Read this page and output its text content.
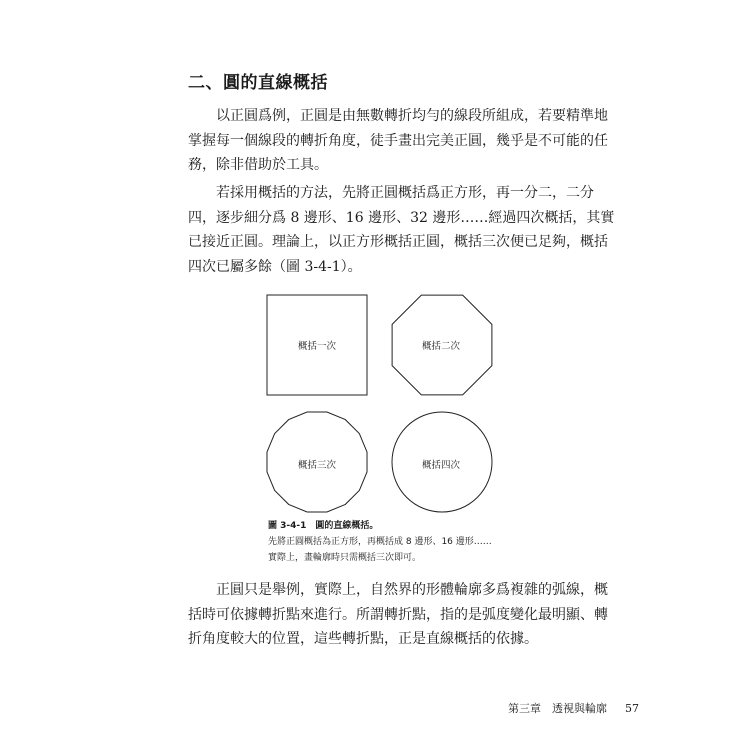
二、圓的直線概括

以正圓爲例，正圓是由無數轉折均勻的線段所組成，若要精準地
掌握每一個線段的轉折角度，徒手畫出完美正圓，幾乎是不可能的任
務，除非借助於工具。

若採用概括的方法，先將正圓概括爲正方形，再一分二，二分
四，逐步細分爲 8 邊形、16 邊形、32 邊形……經過四次概括，其實
已接近正圓。理論上，以正方形概括正圓，概括三次便已足夠，概括
四次已屬多餘（圖 3-4-1）。

概括一次	概括二次
概括三次	概括四次
圖 3-4-1　圓的直線概括。
先將正圓概括為正方形，再概括成 8 邊形、16 邊形……
實際上，畫輪廓時只需概括三次即可。

正圓只是舉例，實際上，自然界的形體輪廓多爲複雜的弧線，概
括時可依據轉折點來進行。所謂轉折點，指的是弧度變化最明顯、轉
折角度較大的位置，這些轉折點，正是直線概括的依據。

第三章　透視與輪廓 57
